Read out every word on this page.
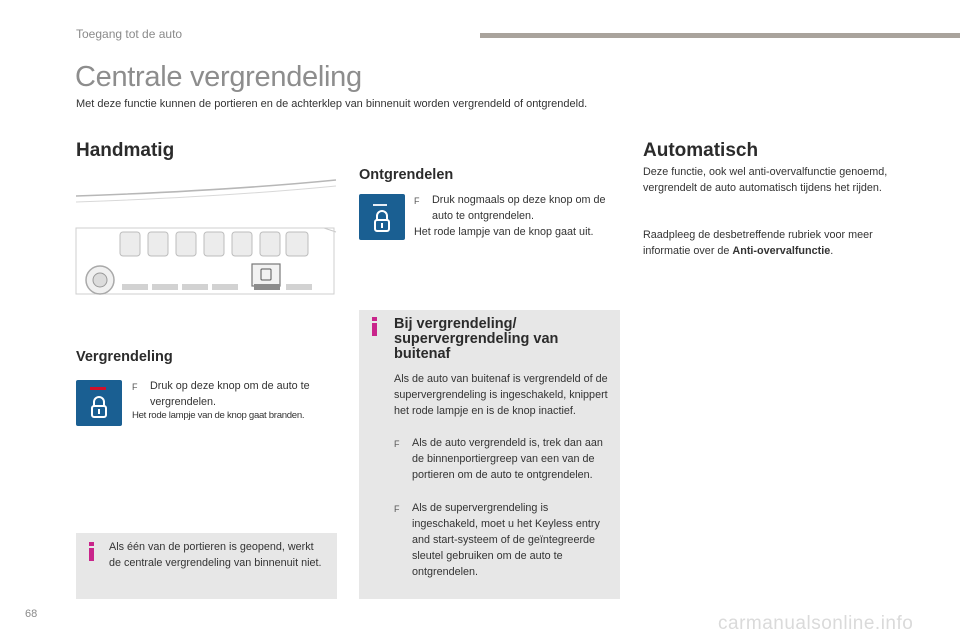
Toegang tot de auto
Centrale vergrendeling
Met deze functie kunnen de portieren en de achterklep van binnenuit worden vergrendeld of ontgrendeld.
Handmatig
Vergrendeling
F	Druk op deze knop om de auto te vergrendelen.
Het rode lampje van de knop gaat branden.
Als één van de portieren is geopend, werkt de centrale vergrendeling van binnenuit niet.
Ontgrendelen
F	Druk nogmaals op deze knop om de auto te ontgrendelen.
Het rode lampje van de knop gaat uit.
Bij vergrendeling/ supervergrendeling van buitenaf
Als de auto van buitenaf is vergrendeld of de supervergrendeling is ingeschakeld, knippert het rode lampje en is de knop inactief.
F	Als de auto vergrendeld is, trek dan aan de binnenportiergreep van een van de portieren om de auto te ontgrendelen.
F	Als de supervergrendeling is ingeschakeld, moet u het Keyless entry and start-systeem of de geïntegreerde sleutel gebruiken om de auto te ontgrendelen.
Automatisch
Deze functie, ook wel anti-overvalfunctie genoemd, vergrendelt de auto automatisch tijdens het rijden.
Raadpleeg de desbetreffende rubriek voor meer informatie over de Anti-overvalfunctie.
68	carmanualsonline.info
